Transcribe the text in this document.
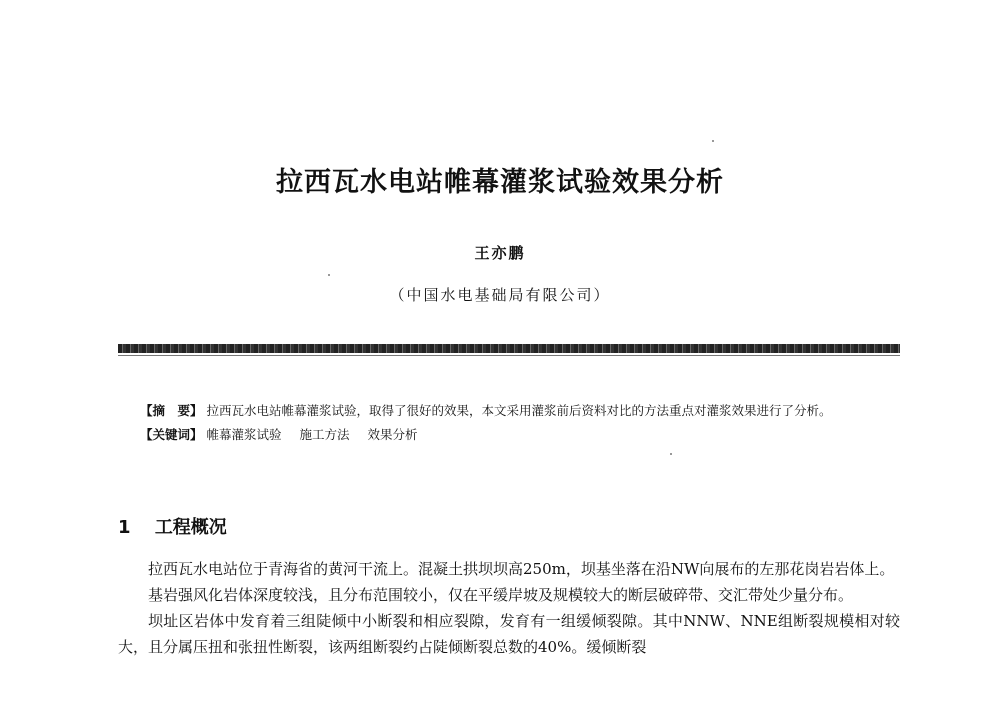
拉西瓦水电站帷幕灌浆试验效果分析
王亦鹏
（中国水电基础局有限公司）
【摘　要】 拉西瓦水电站帷幕灌浆试验，取得了很好的效果，本文采用灌浆前后资料对比的方法重点对灌浆效果进行了分析。
【关键词】 帷幕灌浆试验 施工方法 效果分析
1 工程概况

拉西瓦水电站位于青海省的黄河干流上。混凝土拱坝坝高250m，坝基坐落在沿NW向展布的左那花岗岩岩体上。

基岩强风化岩体深度较浅，且分布范围较小，仅在平缓岸坡及规模较大的断层破碎带、交汇带处少量分布。

坝址区岩体中发育着三组陡倾中小断裂和相应裂隙，发育有一组缓倾裂隙。其中NNW、NNE组断裂规模相对较大，且分属压扭和张扭性断裂，该两组断裂约占陡倾断裂总数的40%。缓倾断裂
